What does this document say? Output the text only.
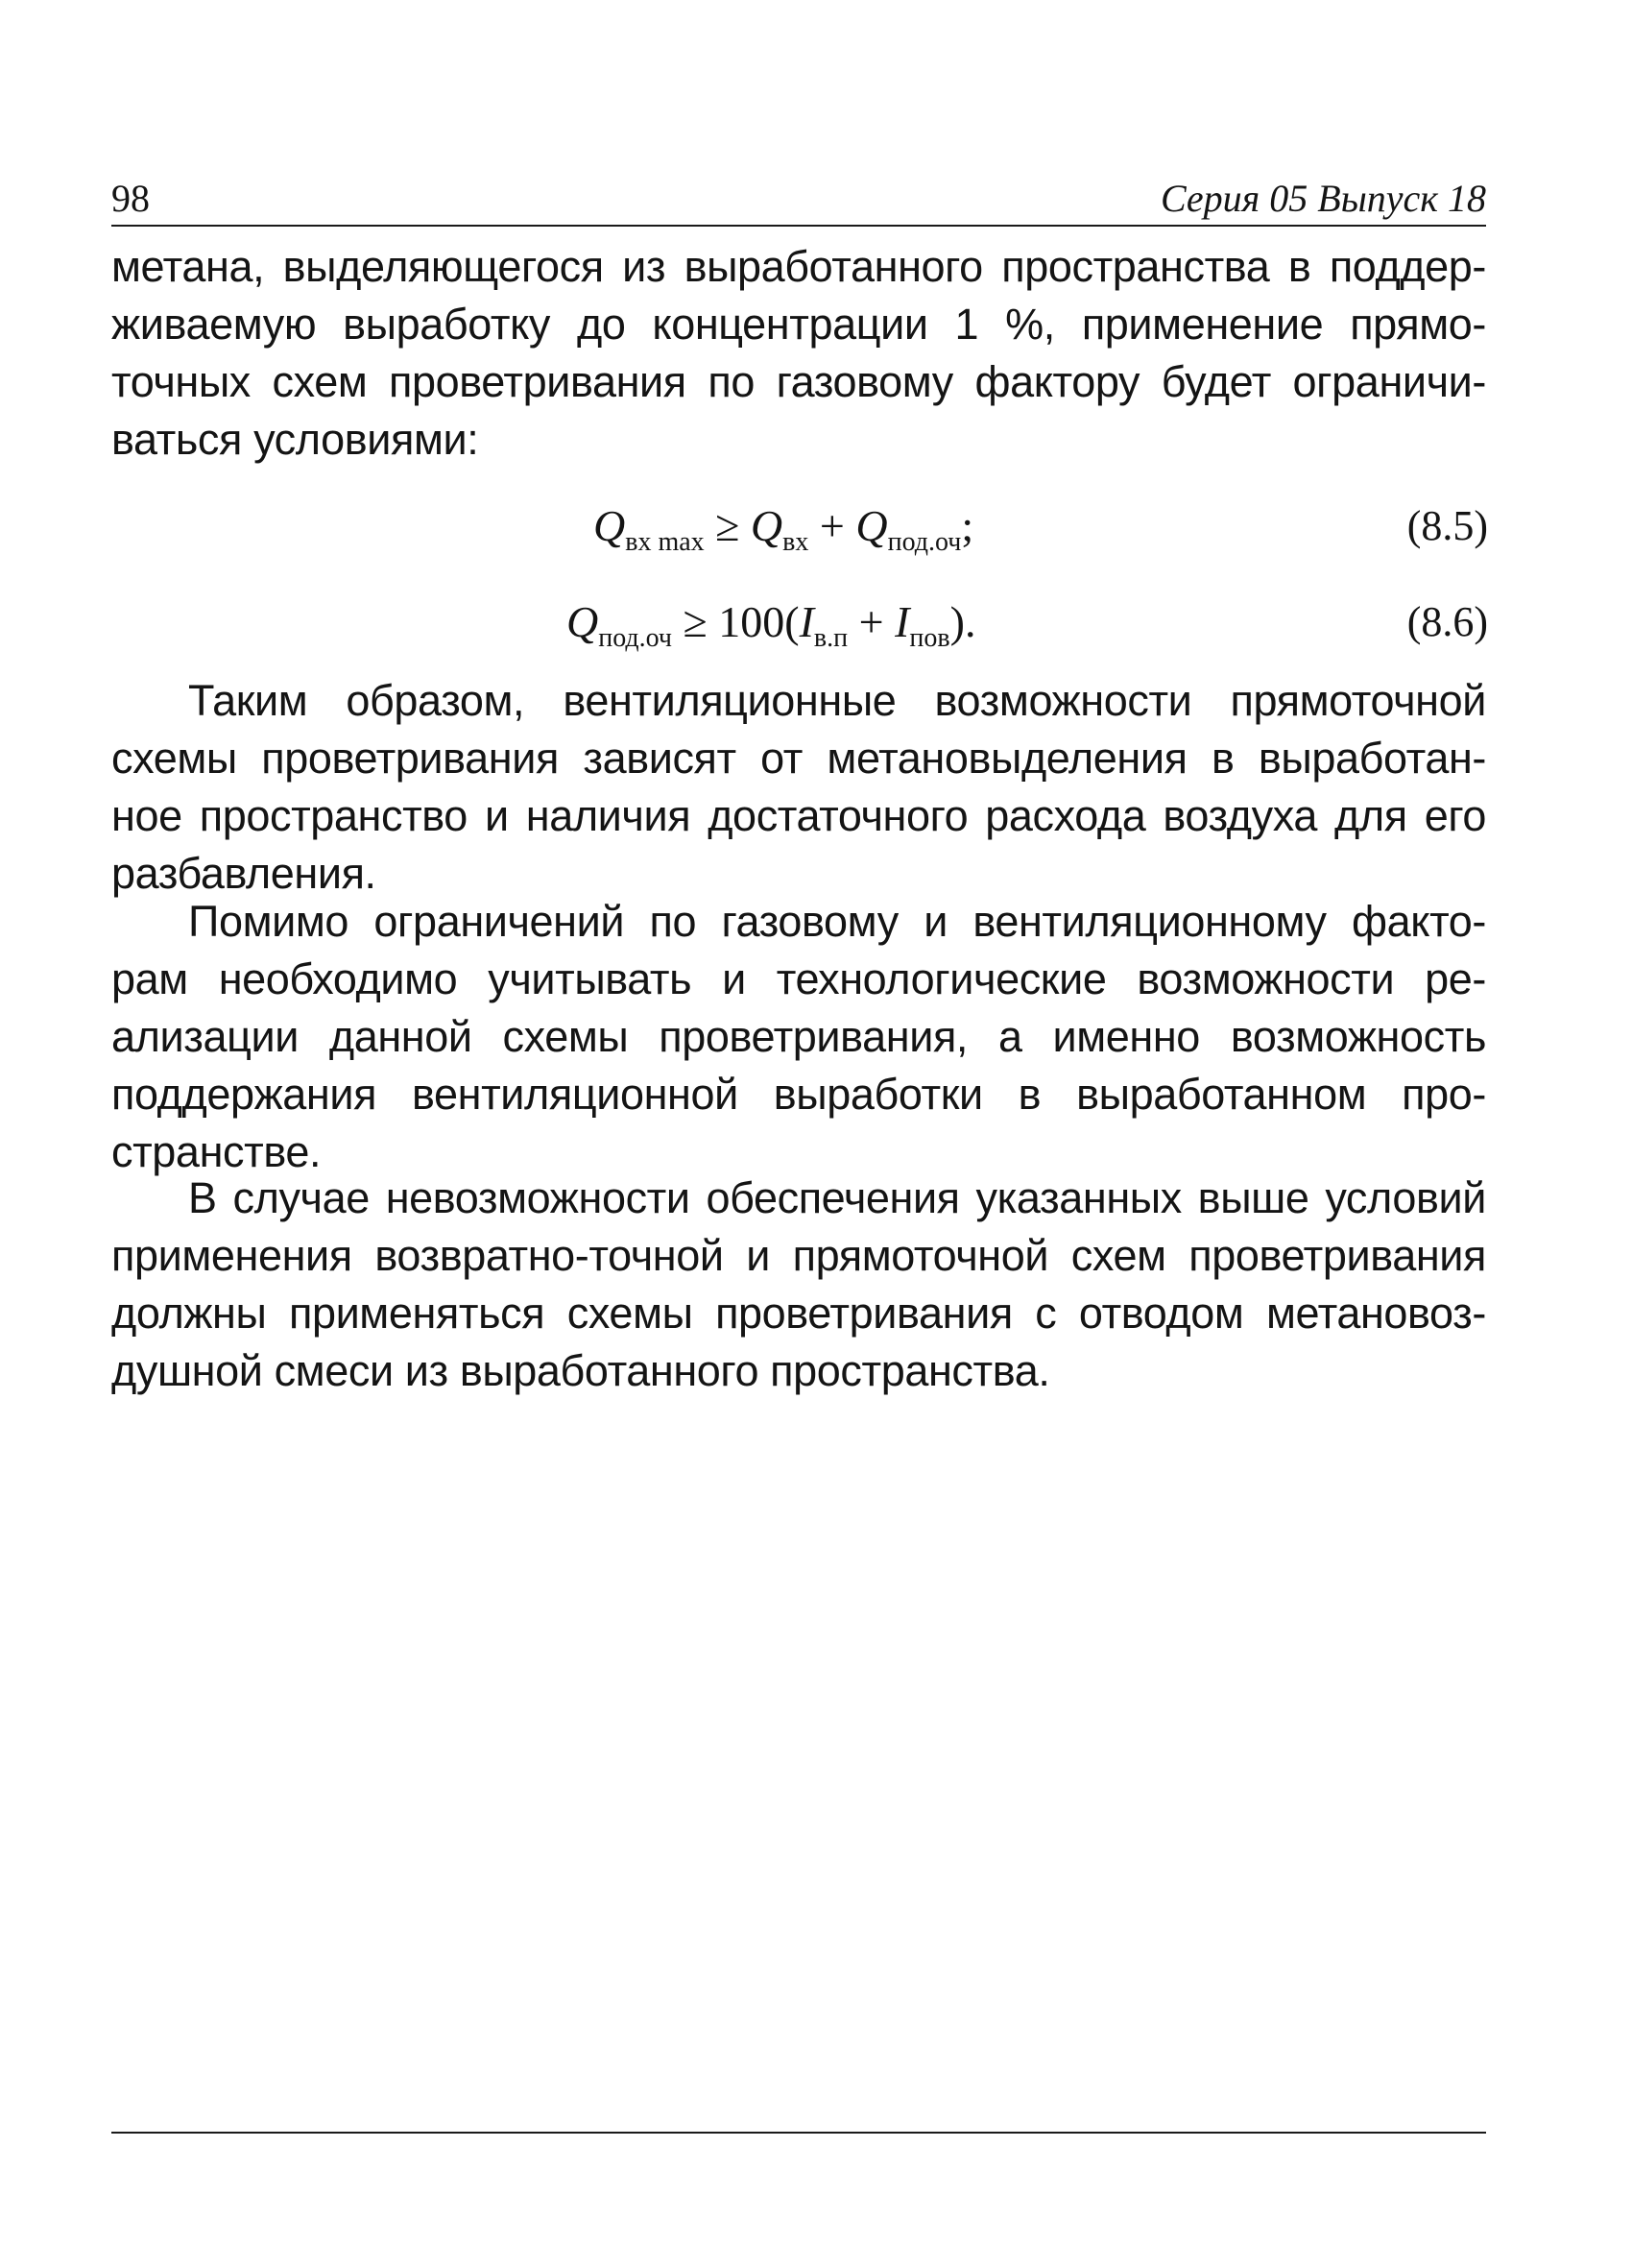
98	Серия 05 Выпуск 18
метана, выделяющегося из выработанного пространства в поддер-
живаемую выработку до концентрации 1 %, применение прямо-
точных схем проветривания по газовому фактору будет ограничи-
ваться условиями:
$Q_{вх max} \ge Q_{вх} + Q_{под.оч}$;	(8.5)
$Q_{под.оч} \ge 100(I_{в.п} + I_{пов})$.	(8.6)
Таким образом, вентиляционные возможности прямоточной
схемы проветривания зависят от метановыделения в выработан-
ное пространство и наличия достаточного расхода воздуха для его
разбавления.
Помимо ограничений по газовому и вентиляционному факто-
рам необходимо учитывать и технологические возможности ре-
ализации данной схемы проветривания, а именно возможность
поддержания вентиляционной выработки в выработанном про-
странстве.
В случае невозможности обеспечения указанных выше условий
применения возвратно-точной и прямоточной схем проветривания
должны применяться схемы проветривания с отводом метановоз-
душной смеси из выработанного пространства.
